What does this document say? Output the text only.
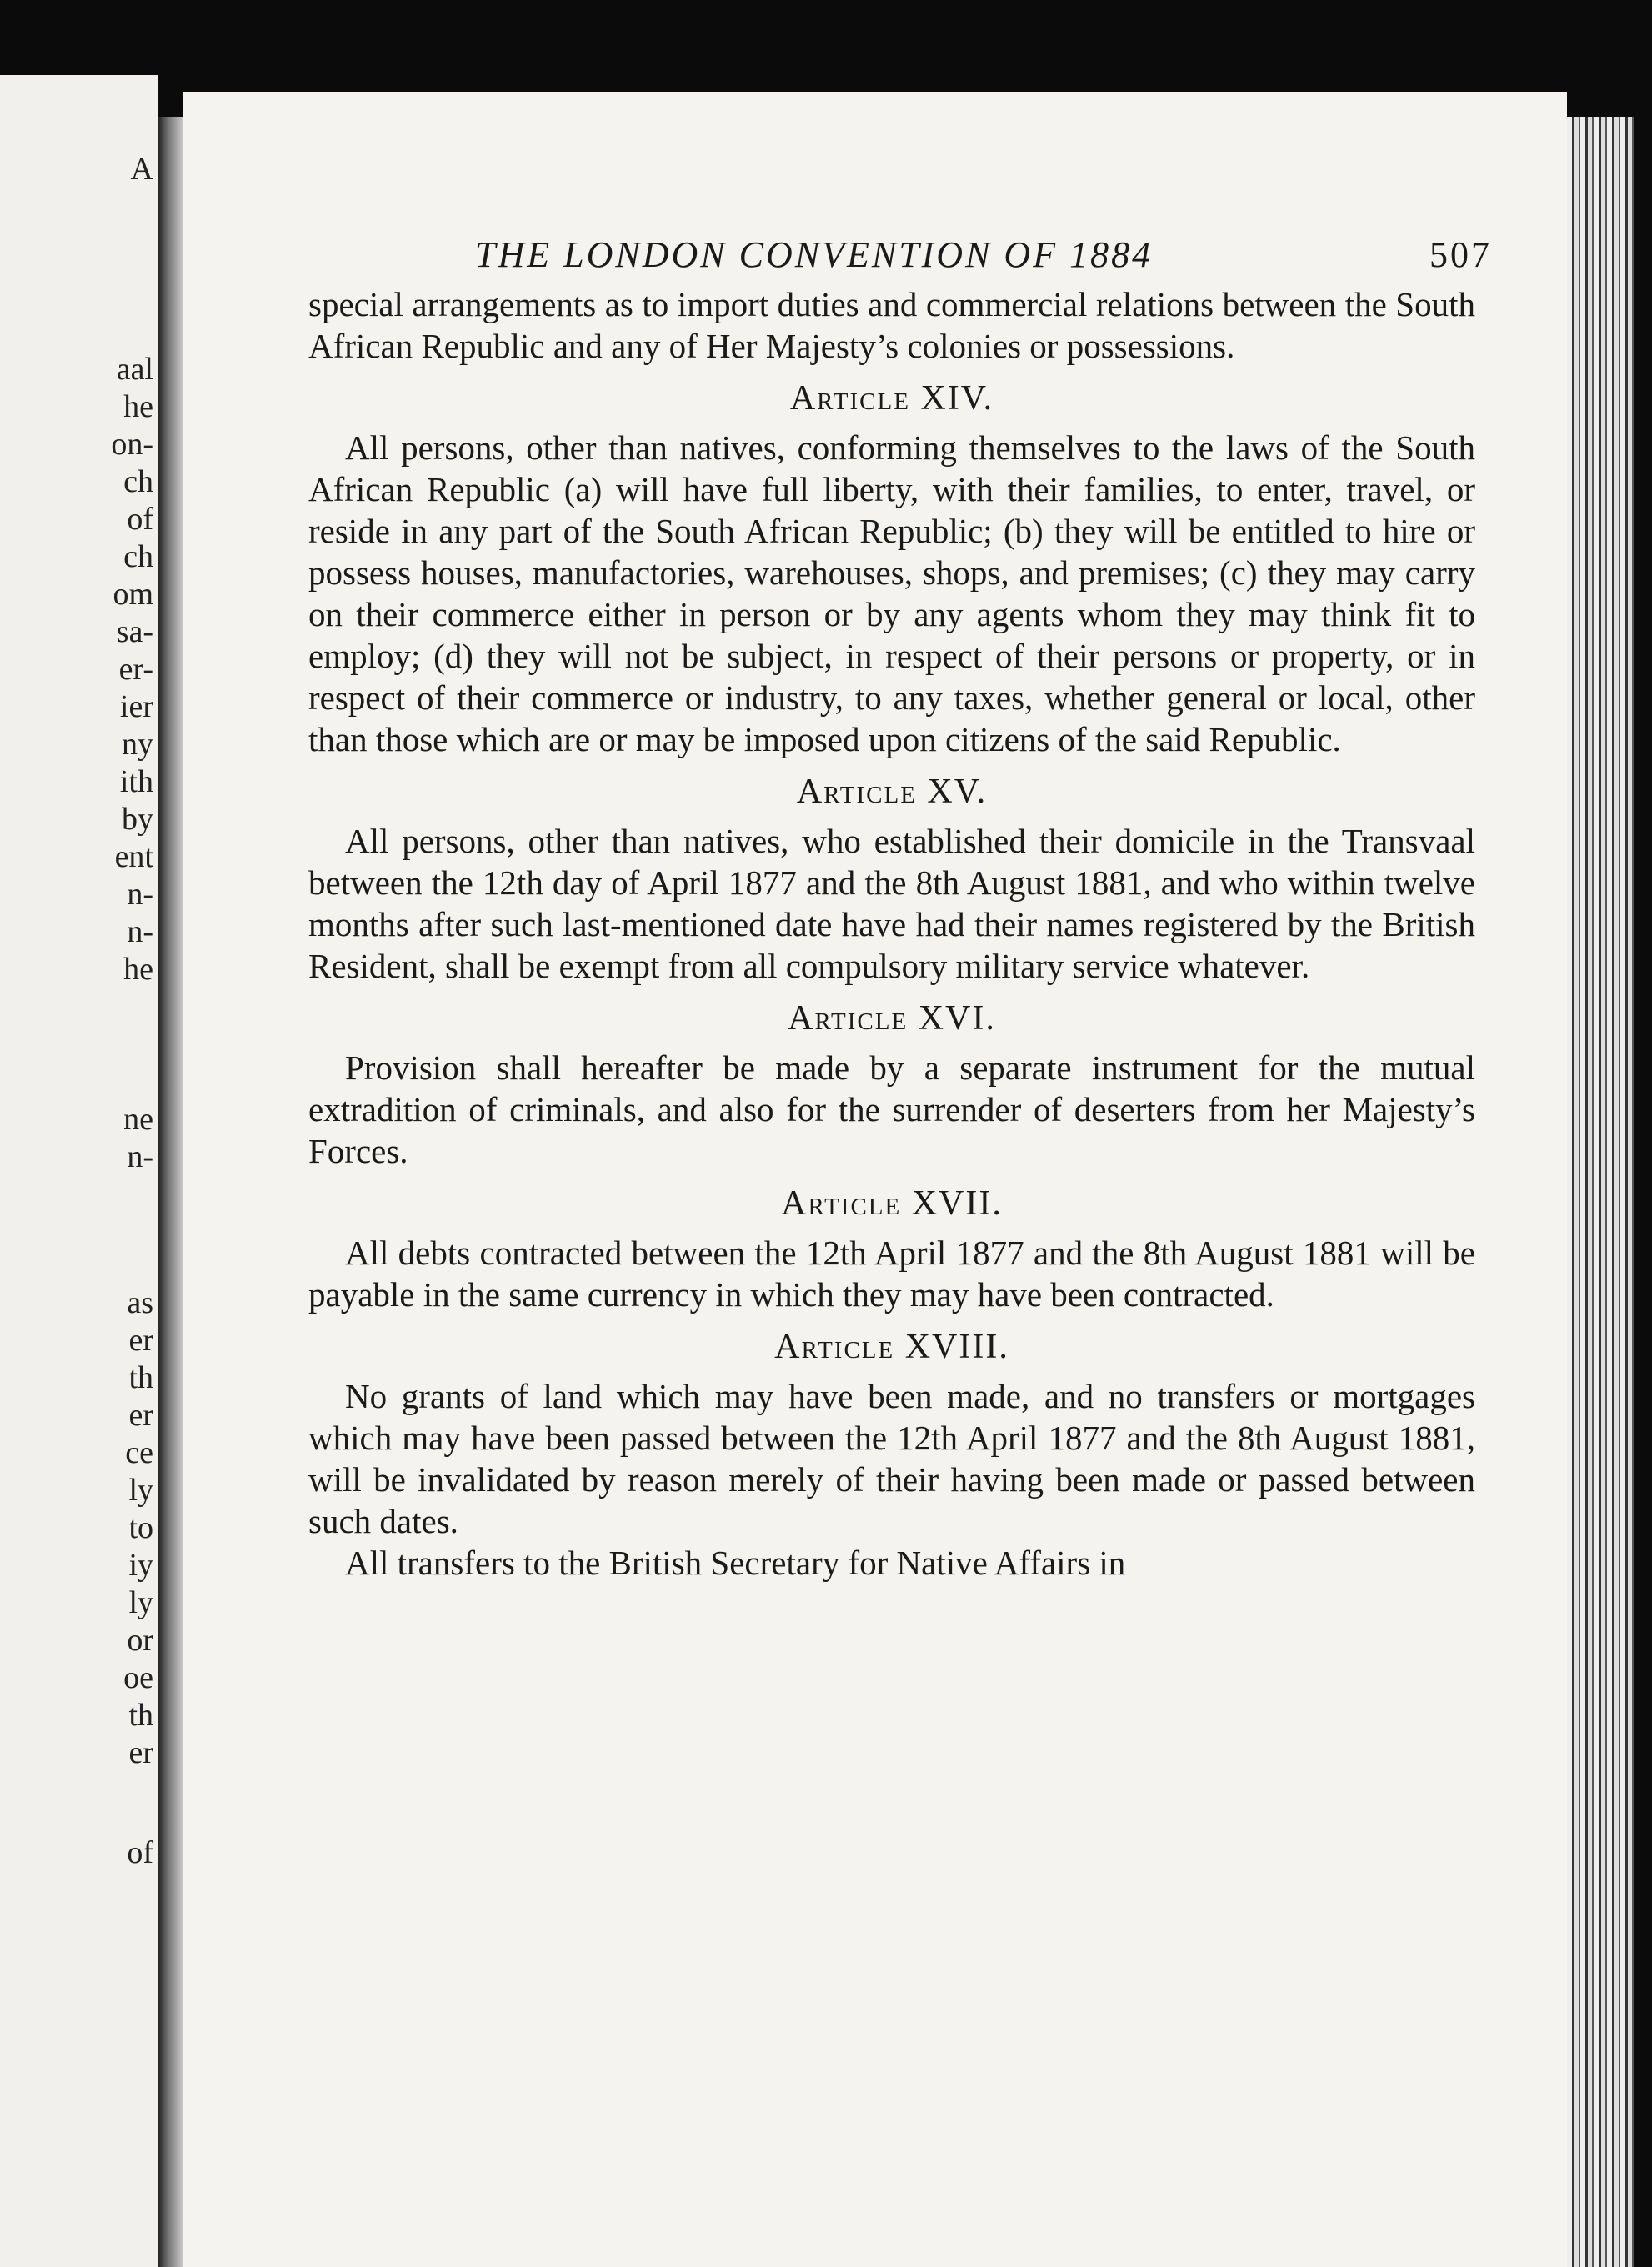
A
aal
he
on-
ch
of
ch
om
sa-
er-
ier
ny
ith
by
ent
n-
n-
he
ne
n-
as
er
th
er
ce
ly
to
iy
ly
or
oe
th
er
of
THE LONDON CONVENTION OF 1884	507

special arrangements as to import duties and commercial relations between the South African Republic and any of Her Majesty’s colonies or possessions.

Article XIV.

All persons, other than natives, conforming themselves to the laws of the South African Republic (a) will have full liberty, with their families, to enter, travel, or reside in any part of the South African Republic; (b) they will be entitled to hire or possess houses, manufactories, warehouses, shops, and premises; (c) they may carry on their commerce either in person or by any agents whom they may think fit to employ; (d) they will not be subject, in respect of their persons or property, or in respect of their commerce or industry, to any taxes, whether general or local, other than those which are or may be imposed upon citizens of the said Republic.

Article XV.

All persons, other than natives, who established their domicile in the Transvaal between the 12th day of April 1877 and the 8th August 1881, and who within twelve months after such last-mentioned date have had their names registered by the British Resident, shall be exempt from all compulsory military service whatever.

Article XVI.

Provision shall hereafter be made by a separate instrument for the mutual extradition of criminals, and also for the surrender of deserters from her Majesty’s Forces.

Article XVII.

All debts contracted between the 12th April 1877 and the 8th August 1881 will be payable in the same currency in which they may have been contracted.

Article XVIII.

No grants of land which may have been made, and no transfers or mortgages which may have been passed between the 12th April 1877 and the 8th August 1881, will be invalidated by reason merely of their having been made or passed between such dates.

All transfers to the British Secretary for Native Affairs in
